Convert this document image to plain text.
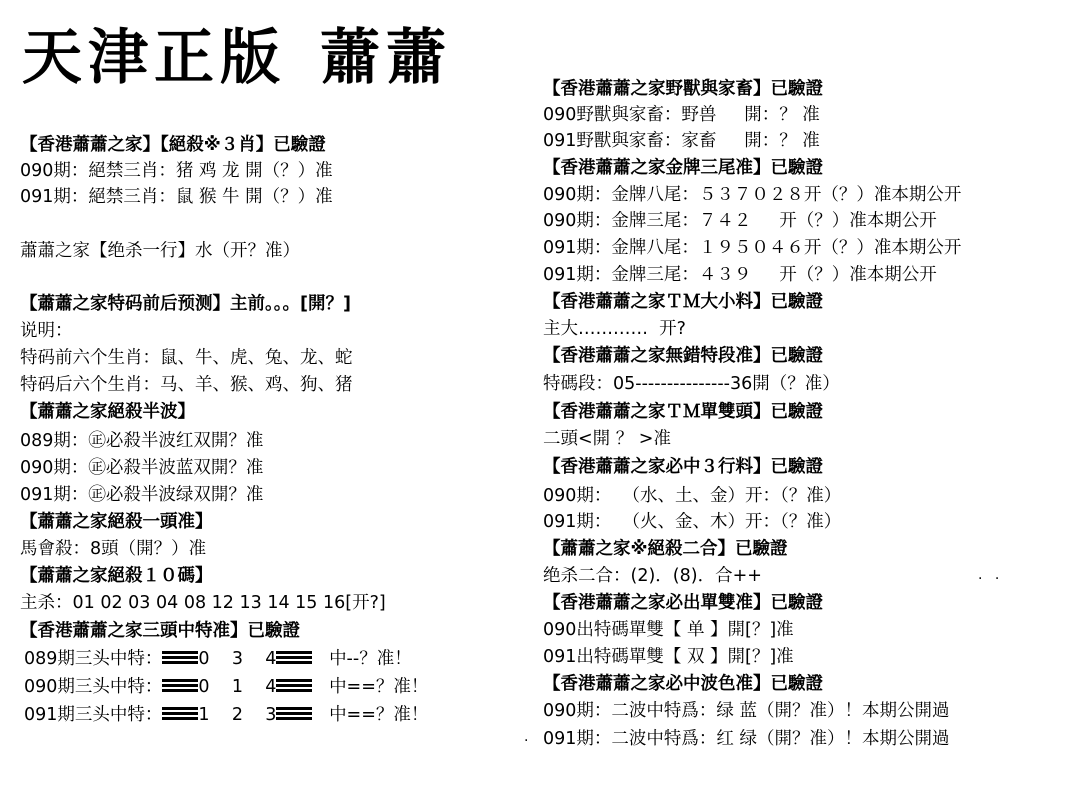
天津正版 蕭蕭
【香港蕭蕭之家】【絕殺※３肖】已驗證
090期：絕禁三肖：猪 鸡 龙 開（？）准
091期：絕禁三肖：鼠 猴 牛 開（？）准
蕭蕭之家【绝杀一行】水（开？准）
【蕭蕭之家特码前后预测】主前。。。[開？]
说明：
特码前六个生肖：鼠、牛、虎、兔、龙、蛇
特码后六个生肖：马、羊、猴、鸡、狗、猪
【蕭蕭之家絕殺半波】
089期：㊣必殺半波红双開？准
090期：㊣必殺半波蓝双開？准
091期：㊣必殺半波绿双開？准
【蕭蕭之家絕殺一頭准】
馬會殺：8頭（開？）准
【蕭蕭之家絕殺１０碼】
主杀：01 02 03 04 08 12 13 14 15 16[开?]
【香港蕭蕭之家三頭中特准】已驗證
089期三头中特： 0 3 4	中--？准！
090期三头中特： 0 1 4	中==？准！
091期三头中特： 1 2 3	中==？准！
【香港蕭蕭之家野獸與家畜】已驗證
090野獸與家畜：野兽     開：？ 准
091野獸與家畜：家畜     開：？ 准
【香港蕭蕭之家金牌三尾准】已驗證
090期：金牌八尾：５３７０２８开（？）准本期公开
090期：金牌三尾：７４２     开（？）准本期公开
091期：金牌八尾：１９５０４６开（？）准本期公开
091期：金牌三尾：４３９     开（？）准本期公开
【香港蕭蕭之家ＴＭ大小料】已驗證
主大…………  开?
【香港蕭蕭之家無錯特段准】已驗證
特碼段：05---------------36開（？准）
【香港蕭蕭之家ＴＭ單雙頭】已驗證
二頭<開 ？ >准
【香港蕭蕭之家必中３行料】已驗證
090期：  （水、土、金）开：（？准）
091期：  （火、金、木）开：（？准）
【蕭蕭之家※絕殺二合】已驗證
绝杀二合：(2)．(8)．合++
【香港蕭蕭之家必出單雙准】已驗證
090出特碼單雙【 单 】開[？]准
091出特碼單雙【 双 】開[？]准
【香港蕭蕭之家必中波色准】已驗證
090期：二波中特爲：绿 蓝（開？准）！本期公開過
091期：二波中特爲：红 绿（開？准）！本期公開過
· ·
·
